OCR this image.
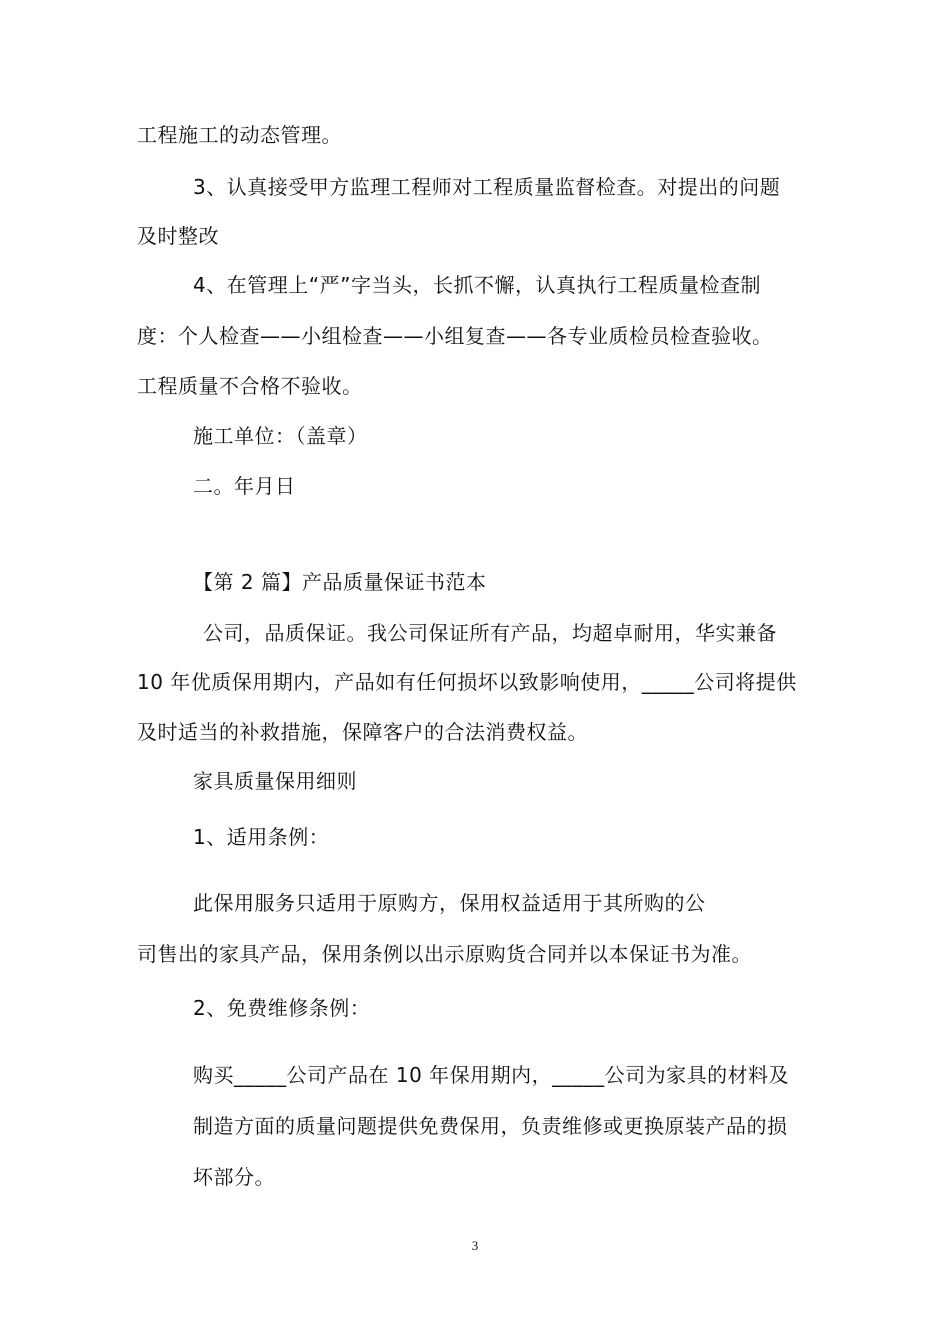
工程施工的动态管理。
3、认真接受甲方监理工程师对工程质量监督检查。对提出的问题
及时整改
4、在管理上“严”字当头，长抓不懈，认真执行工程质量检查制
度：个人检查——小组检查——小组复查——各专业质检员检查验收。
工程质量不合格不验收。
施工单位：（盖章）
二。年月日
【第 2 篇】产品质量保证书范本
公司，品质保证。我公司保证所有产品，均超卓耐用，华实兼备
10 年优质保用期内，产品如有任何损坏以致影响使用，_____公司将提供
及时适当的补救措施，保障客户的合法消费权益。
家具质量保用细则
1、适用条例：
此保用服务只适用于原购方，保用权益适用于其所购的公
司售出的家具产品，保用条例以出示原购货合同并以本保证书为准。
2、免费维修条例：
购买_____公司产品在 10 年保用期内，_____公司为家具的材料及
制造方面的质量问题提供免费保用，负责维修或更换原装产品的损
坏部分。
3
